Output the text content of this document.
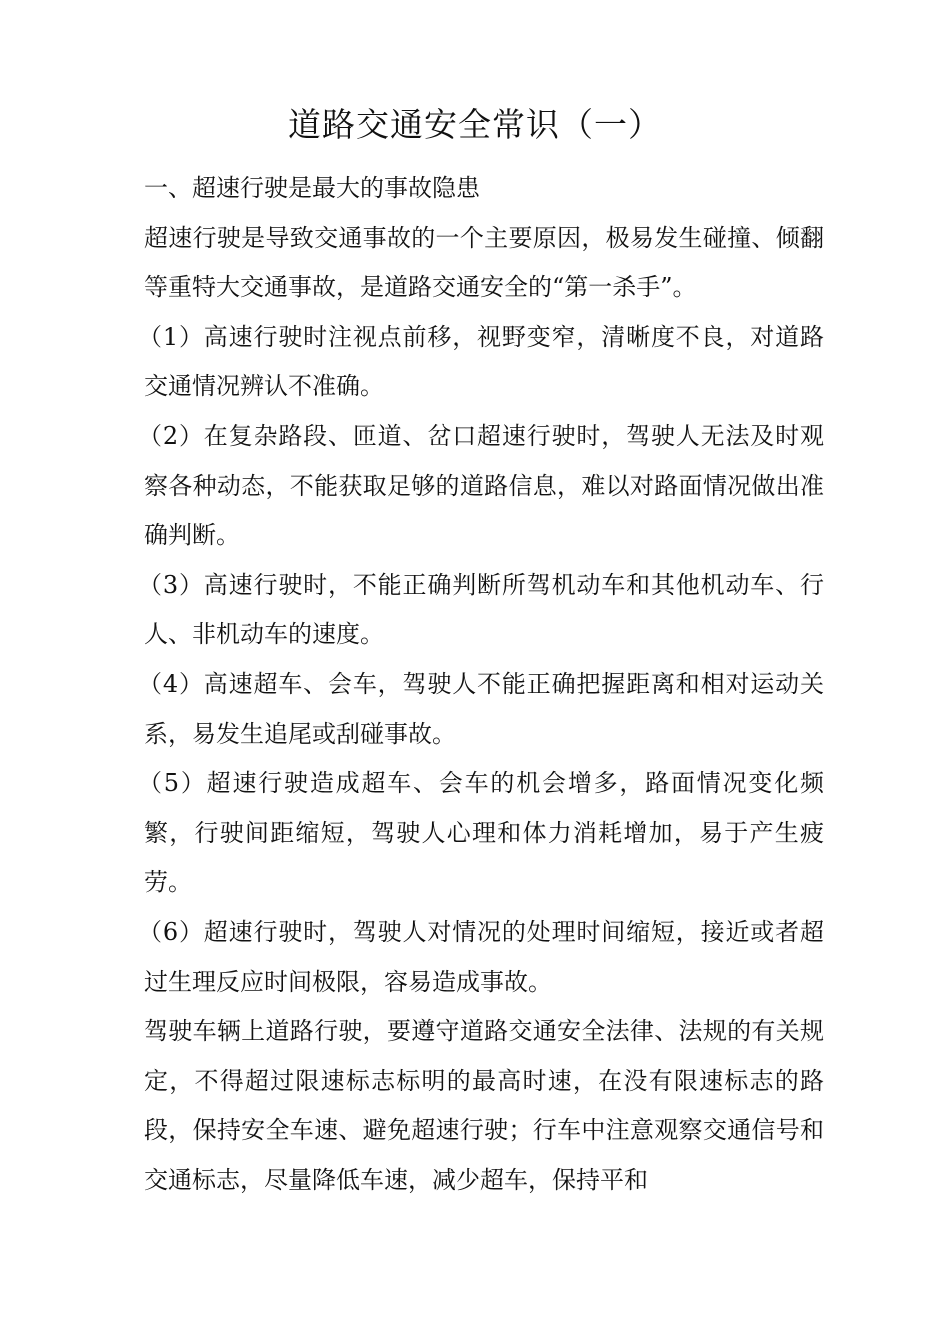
道路交通安全常识（一）

一、超速行驶是最大的事故隐患

超速行驶是导致交通事故的一个主要原因，极易发生碰撞、倾翻等重特大交通事故，是道路交通安全的“第一杀手”。

（1）高速行驶时注视点前移，视野变窄，清晰度不良，对道路交通情况辨认不准确。

（2）在复杂路段、匝道、岔口超速行驶时，驾驶人无法及时观察各种动态，不能获取足够的道路信息，难以对路面情况做出准确判断。

（3）高速行驶时，不能正确判断所驾机动车和其他机动车、行人、非机动车的速度。

（4）高速超车、会车，驾驶人不能正确把握距离和相对运动关系，易发生追尾或刮碰事故。

（5）超速行驶造成超车、会车的机会增多，路面情况变化频繁，行驶间距缩短，驾驶人心理和体力消耗增加，易于产生疲劳。

（6）超速行驶时，驾驶人对情况的处理时间缩短，接近或者超过生理反应时间极限，容易造成事故。

驾驶车辆上道路行驶，要遵守道路交通安全法律、法规的有关规定，不得超过限速标志标明的最高时速，在没有限速标志的路段，保持安全车速、避免超速行驶；行车中注意观察交通信号和交通标志，尽量降低车速，减少超车，保持平和
